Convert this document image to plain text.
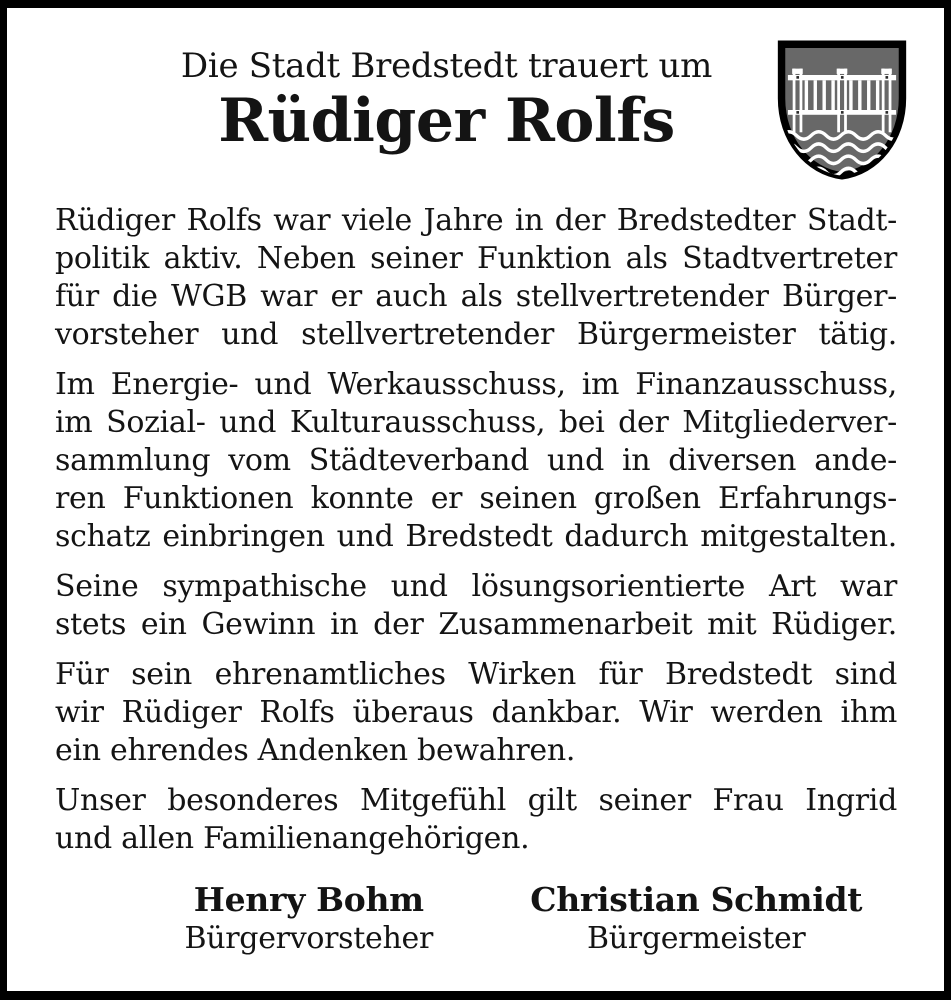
Die Stadt Bredstedt trauert um
Rüdiger Rolfs
Rüdiger Rolfs war viele Jahre in der Bredstedter Stadt-
politik aktiv. Neben seiner Funktion als Stadtvertreter
für die WGB war er auch als stellvertretender Bürger-
vorsteher und stellvertretender Bürgermeister tätig.
Im Energie- und Werkausschuss, im Finanzausschuss,
im Sozial- und Kulturausschuss, bei der Mitgliederver-
sammlung vom Städteverband und in diversen ande-
ren Funktionen konnte er seinen großen Erfahrungs-
schatz einbringen und Bredstedt dadurch mitgestalten.
Seine sympathische und lösungsorientierte Art war
stets ein Gewinn in der Zusammenarbeit mit Rüdiger.
Für sein ehrenamtliches Wirken für Bredstedt sind
wir Rüdiger Rolfs überaus dankbar. Wir werden ihm
ein ehrendes Andenken bewahren.
Unser besonderes Mitgefühl gilt seiner Frau Ingrid
und allen Familienangehörigen.
Henry Bohm
Bürgervorsteher
Christian Schmidt
Bürgermeister
